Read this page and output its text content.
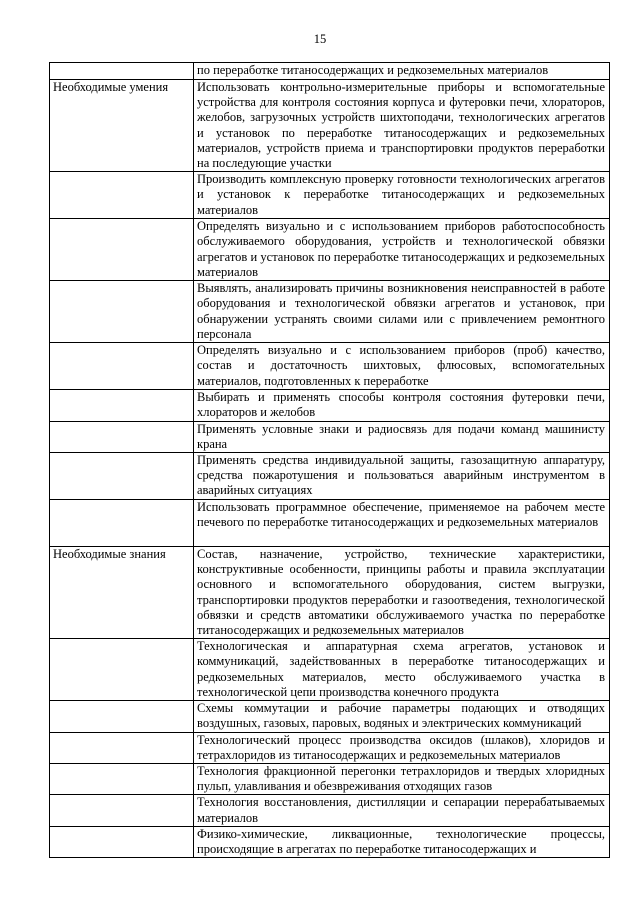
15
	по переработке титаносодержащих и редкоземельных материалов
Необходимые умения	Использовать контрольно-измерительные приборы и вспомогательные устройства для контроля состояния корпуса и футеровки печи, хлораторов, желобов, загрузочных устройств шихтоподачи, технологических агрегатов и установок по переработке титаносодержащих и редкоземельных материалов, устройств приема и транспортировки продуктов переработки на последующие участки
	Производить комплексную проверку готовности технологических агрегатов и установок к переработке титаносодержащих и редкоземельных материалов
	Определять визуально и с использованием приборов работоспособность обслуживаемого оборудования, устройств и технологической обвязки агрегатов и установок по переработке титаносодержащих и редкоземельных материалов
	Выявлять, анализировать причины возникновения неисправностей в работе оборудования и технологической обвязки агрегатов и установок, при обнаружении устранять своими силами или с привлечением ремонтного персонала
	Определять визуально и с использованием приборов (проб) качество, состав и достаточность шихтовых, флюсовых, вспомогательных материалов, подготовленных к переработке
	Выбирать и применять способы контроля состояния футеровки печи, хлораторов и желобов
	Применять условные знаки и радиосвязь для подачи команд машинисту крана
	Применять средства индивидуальной защиты, газозащитную аппаратуру, средства пожаротушения и пользоваться аварийным инструментом в аварийных ситуациях
	Использовать программное обеспечение, применяемое на рабочем месте печевого по переработке титаносодержащих и редкоземельных материалов
Необходимые знания	Состав, назначение, устройство, технические характеристики, конструктивные особенности, принципы работы и правила эксплуатации основного и вспомогательного оборудования, систем выгрузки, транспортировки продуктов переработки и газоотведения, технологической обвязки и средств автоматики обслуживаемого участка по переработке титаносодержащих и редкоземельных материалов
	Технологическая и аппаратурная схема агрегатов, установок и коммуникаций, задействованных в переработке титаносодержащих и редкоземельных материалов, место обслуживаемого участка в технологической цепи производства конечного продукта
	Схемы коммутации и рабочие параметры подающих и отводящих воздушных, газовых, паровых, водяных и электрических коммуникаций
	Технологический процесс производства оксидов (шлаков), хлоридов и тетрахлоридов из титаносодержащих и редкоземельных материалов
	Технология фракционной перегонки тетрахлоридов и твердых хлоридных пульп, улавливания и обезвреживания отходящих газов
	Технология восстановления, дистилляции и сепарации перерабатываемых материалов
	Физико-химические, ликвационные, технологические процессы, происходящие в агрегатах по переработке титаносодержащих и
